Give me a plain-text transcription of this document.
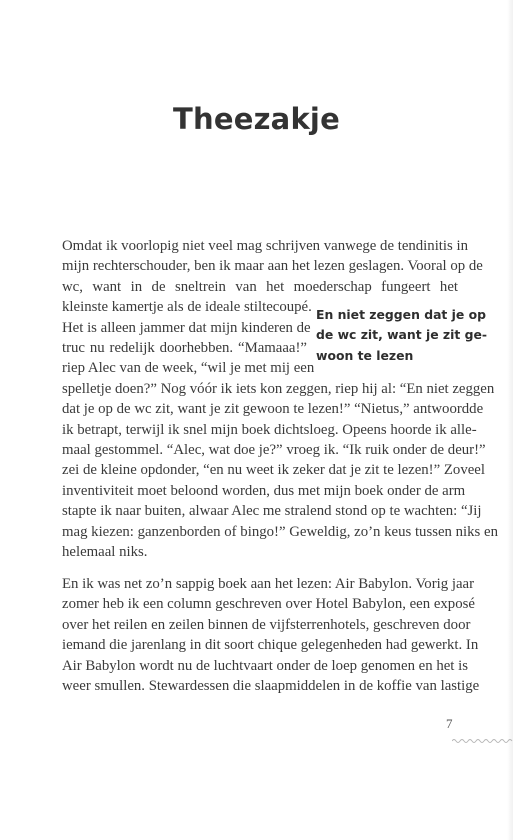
Theezakje
Omdat ik voorlopig niet veel mag schrijven vanwege de tendinitis in
mijn rechterschouder, ben ik maar aan het lezen geslagen. Vooral op de
wc, want in de sneltrein van het moederschap fungeert het
kleinste kamertje als de ideale stiltecoupé.
Het is alleen jammer dat mijn kinderen de
truc nu redelijk doorhebben. “Mamaaa!”
riep Alec van de week, “wil je met mij een
spelletje doen?” Nog vóór ik iets kon zeggen, riep hij al: “En niet zeggen
dat je op de wc zit, want je zit gewoon te lezen!” “Nietus,” antwoordde
ik betrapt, terwijl ik snel mijn boek dichtsloeg. Opeens hoorde ik alle-
maal gestommel. “Alec, wat doe je?” vroeg ik. “Ik ruik onder de deur!”
zei de kleine opdonder, “en nu weet ik zeker dat je zit te lezen!” Zoveel
inventiviteit moet beloond worden, dus met mijn boek onder de arm
stapte ik naar buiten, alwaar Alec me stralend stond op te wachten: “Jij
mag kiezen: ganzenborden of bingo!” Geweldig, zo’n keus tussen niks en
helemaal niks.
En niet zeggen dat je op
de wc zit, want je zit ge-
woon te lezen
En ik was net zo’n sappig boek aan het lezen: Air Babylon. Vorig jaar
zomer heb ik een column geschreven over Hotel Babylon, een exposé
over het reilen en zeilen binnen de vijfsterrenhotels, geschreven door
iemand die jarenlang in dit soort chique gelegenheden had gewerkt. In
Air Babylon wordt nu de luchtvaart onder de loep genomen en het is
weer smullen. Stewardessen die slaapmiddelen in de koffie van lastige
7
